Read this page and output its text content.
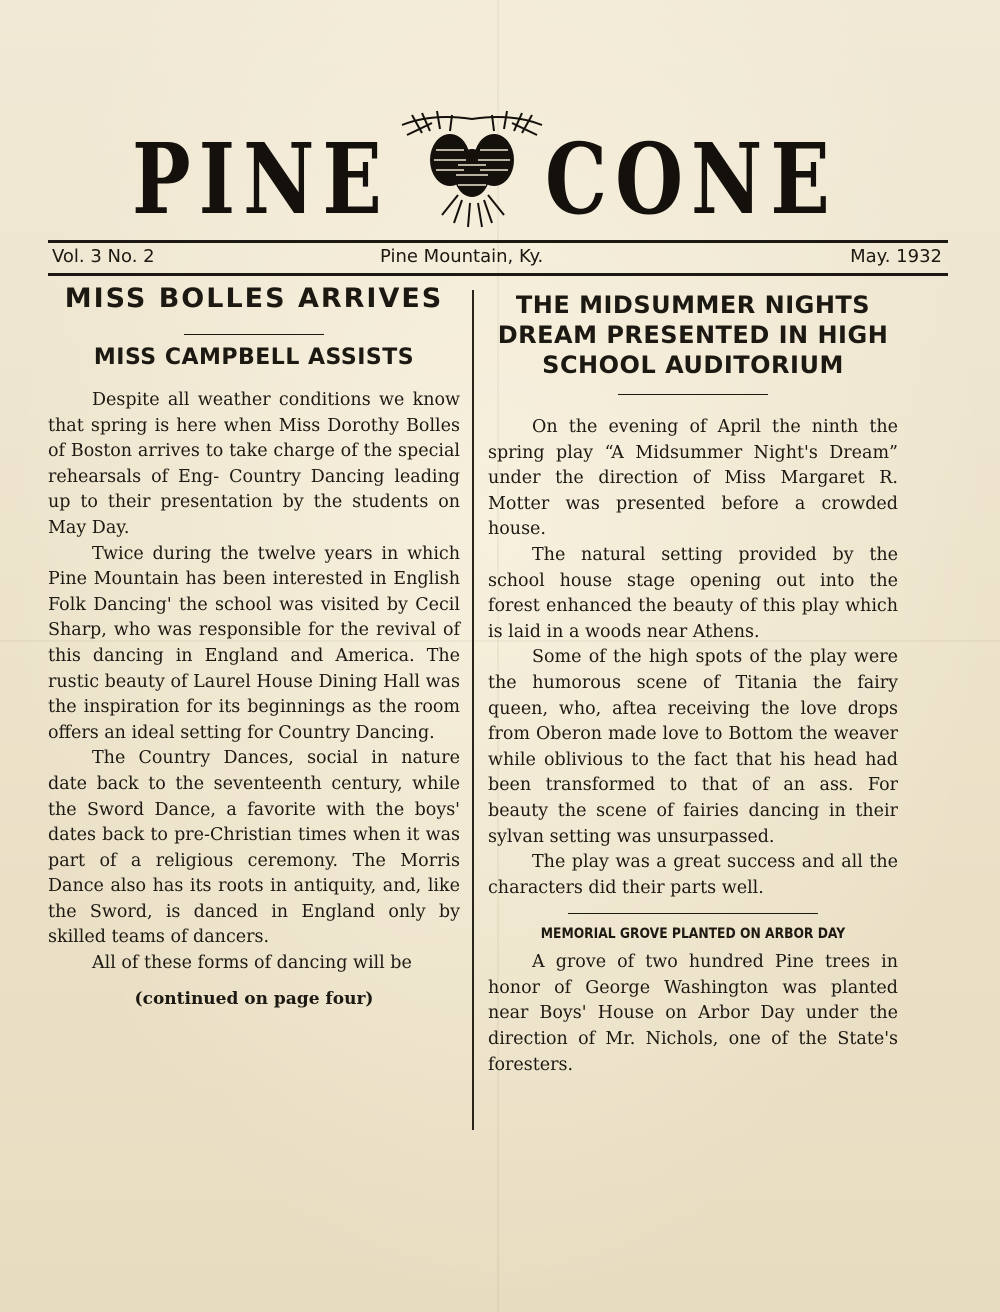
PINE CONE
Vol. 3 No. 2	Pine Mountain, Ky.	May. 1932
MISS BOLLES ARRIVES
MISS CAMPBELL ASSISTS

Despite all weather conditions we know that spring is here when Miss Dorothy Bolles of Boston arrives to take charge of the special rehearsals of Eng- Country Dancing leading up to their presentation by the students on May Day.

Twice during the twelve years in which Pine Mountain has been interested in English Folk Dancing' the school was visited by Cecil Sharp, who was responsible for the revival of this dancing in England and America. The rustic beauty of Laurel House Dining Hall was the inspiration for its beginnings as the room offers an ideal setting for Country Dancing.

The Country Dances, social in nature date back to the seventeenth century, while the Sword Dance, a favorite with the boys' dates back to pre-Christian times when it was part of a religious ceremony. The Morris Dance also has its roots in antiquity, and, like the Sword, is danced in England only by skilled teams of dancers.

All of these forms of dancing will be

(continued on page four)

THE MIDSUMMER NIGHTS DREAM PRESENTED IN HIGH SCHOOL AUDITORIUM

On the evening of April the ninth the spring play “A Midsummer Night's Dream” under the direction of Miss Margaret R. Motter was presented before a crowded house.

The natural setting provided by the school house stage opening out into the forest enhanced the beauty of this play which is laid in a woods near Athens.

Some of the high spots of the play were the humorous scene of Titania the fairy queen, who, aftea receiving the love drops from Oberon made love to Bottom the weaver while oblivious to the fact that his head had been transformed to that of an ass. For beauty the scene of fairies dancing in their sylvan setting was unsurpassed.

The play was a great success and all the characters did their parts well.

MEMORIAL GROVE PLANTED ON ARBOR DAY

A grove of two hundred Pine trees in honor of George Washington was planted near Boys' House on Arbor Day under the direction of Mr. Nichols, one of the State's foresters.
